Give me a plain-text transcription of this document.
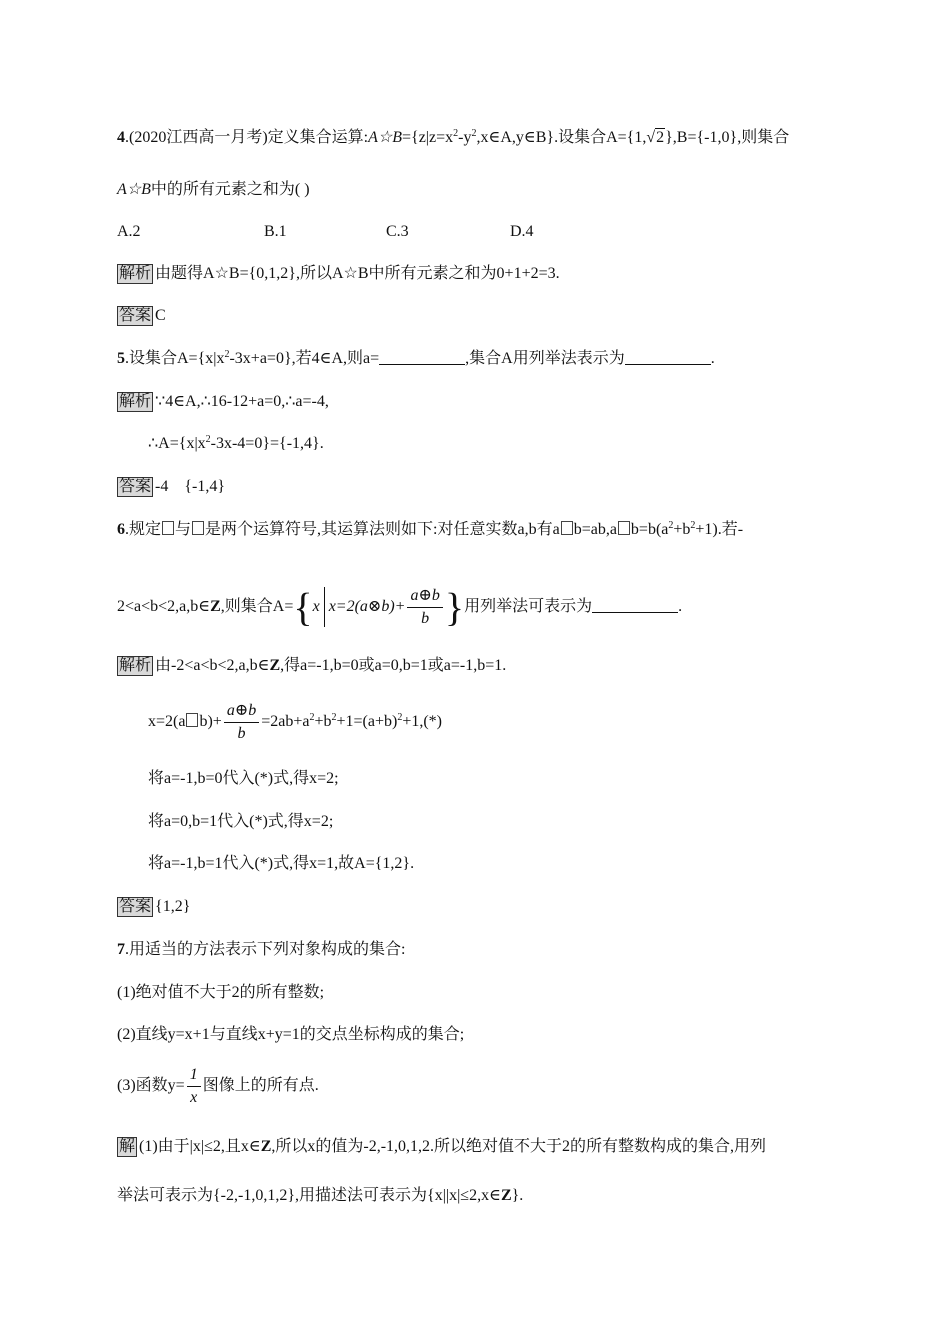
4.(2020江西高一月考)定义集合运算$:A☆B=\{z|z=x^2-y^2,x\in A,y\in B\}$.设集合A={1,√2},B={-1,0},则集合
A☆B中的所有元素之和为( )
A.2	B.1	C.3	D.4
解析 由题得A☆B={0,1,2},所以A☆B中所有元素之和为0+1+2=3.
答案 C
5.设集合$A=\{x|x^2-3x+a=0\}$,若4∈A,则a=	,集合A用列举法表示为	.
解析 ∵4∈A,∴16-12+a=0,∴a=-4,
$\therefore A=\{x|x^2-3x-4=0\}=\{-1,4\}$.
答案 -4    {-1,4}
6.规定 与 是两个运算符号,其运算法则如下:对任意实数a,b有a b=ab,a $b=b(a^2+b^2+1)$.若-
2<a<b<2,a,b∈Z,则集合A={x x=2(a⊗b)+ $\frac{a\oplus b}{b}$ }用列举法可表示为	.
解析 由-2<a<b<2,a,b∈Z,得a=-1,b=0或a=0,b=1或a=-1,b=1.
x=2(a $b)+ \frac{a\oplus b}{b} =2ab+a^2+b^2+1=(a+b)^2+1,(*)$
将a=-1,b=0代入(*)式,得x=2;
将a=0,b=1代入(*)式,得x=2;
将a=-1,b=1代入(*)式,得x=1,故A={1,2}.
答案 {1,2}
7.用适当的方法表示下列对象构成的集合:
(1)绝对值不大于2的所有整数;
(2)直线y=x+1与直线x+y=1的交点坐标构成的集合;
(3)函数$y= \frac{1}{x}$ 图像上的所有点.
解 (1)由于|x|≤2,且x∈Z,所以x的值为-2,-1,0,1,2.所以绝对值不大于2的所有整数构成的集合,用列
举法可表示为{-2,-1,0,1,2},用描述法可表示为{x||x|≤2,x∈Z}.
